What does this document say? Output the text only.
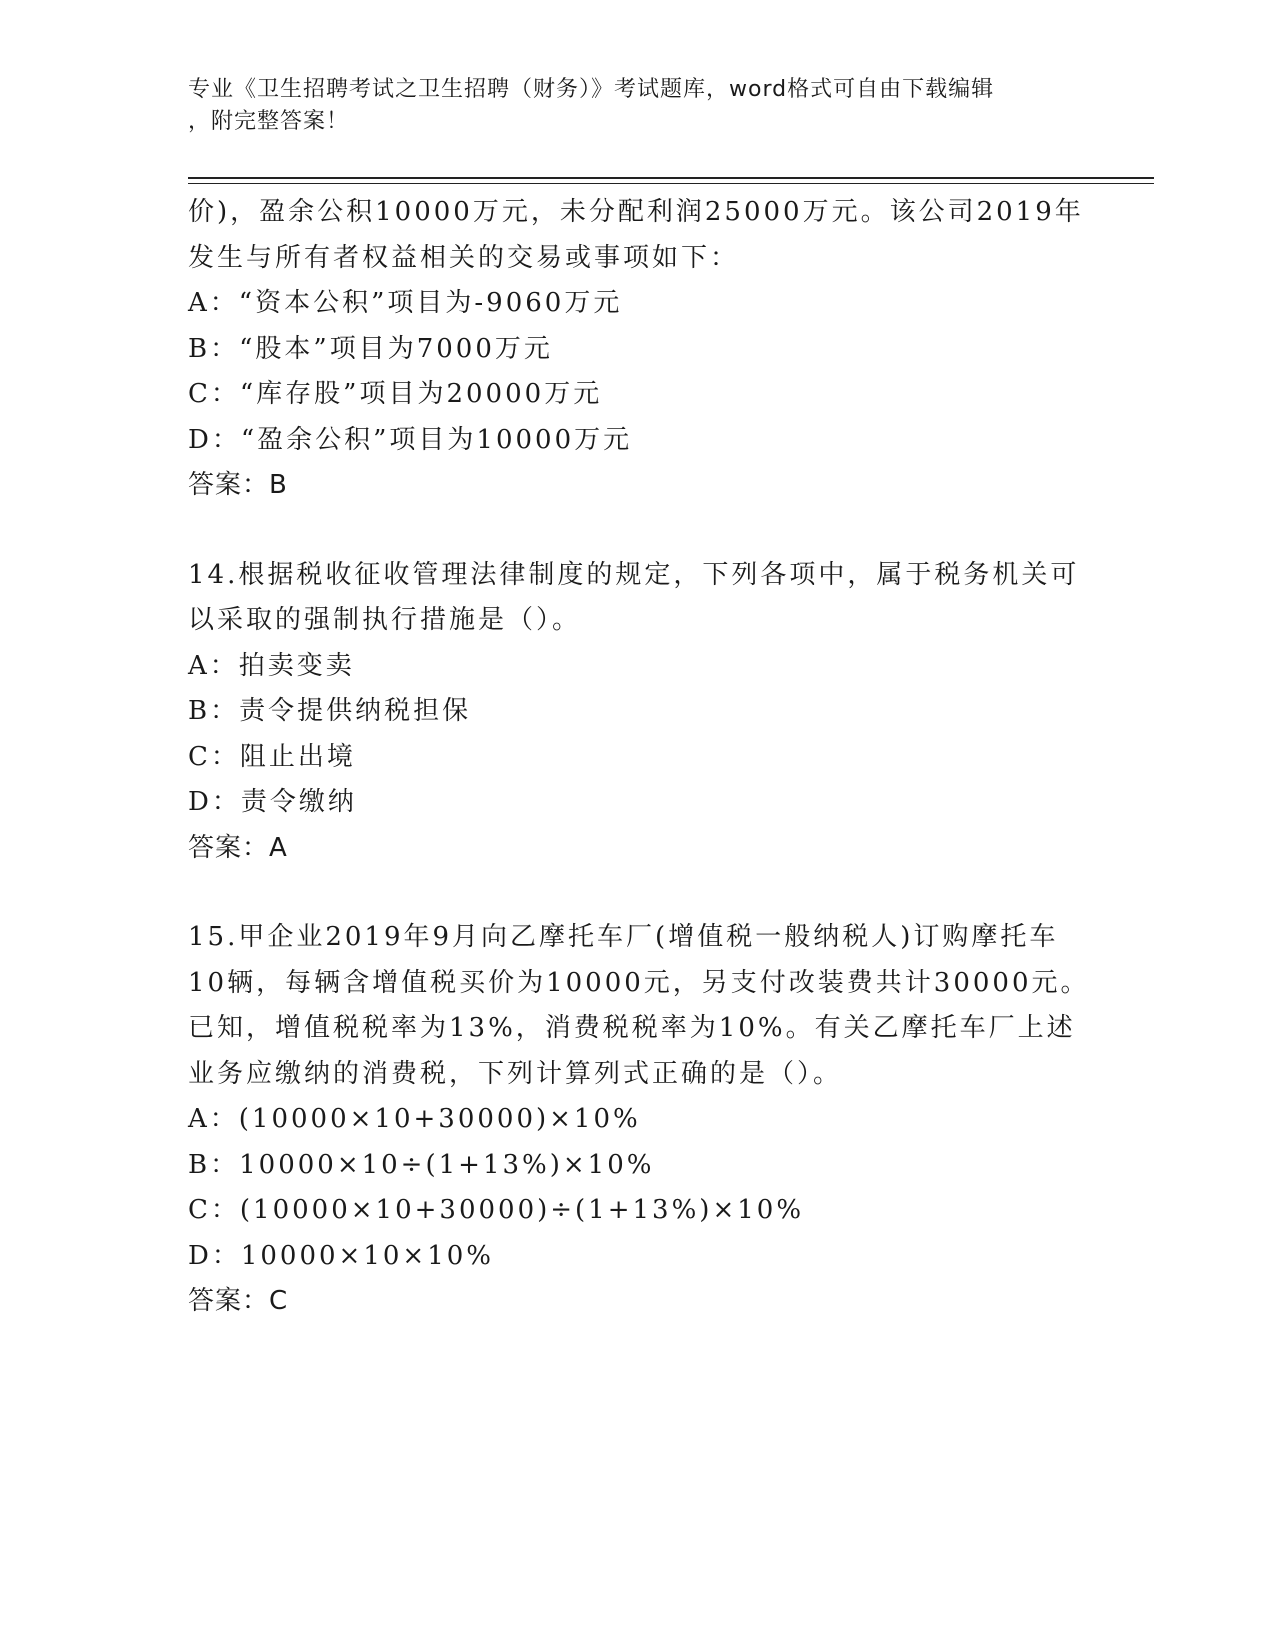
专业《卫生招聘考试之卫生招聘（财务）》考试题库，word格式可自由下载编辑
，附完整答案！
价)，盈余公积10000万元，未分配利润25000万元。该公司2019年
发生与所有者权益相关的交易或事项如下：
A：“资本公积”项目为-9060万元
B：“股本”项目为7000万元
C：“库存股”项目为20000万元
D：“盈余公积”项目为10000万元
答案：B
14.根据税收征收管理法律制度的规定，下列各项中，属于税务机关可
以采取的强制执行措施是（）。
A：拍卖变卖
B：责令提供纳税担保
C：阻止出境
D：责令缴纳
答案：A
15.甲企业2019年9月向乙摩托车厂(增值税一般纳税人)订购摩托车
10辆，每辆含增值税买价为10000元，另支付改装费共计30000元。
已知，增值税税率为13%，消费税税率为10%。有关乙摩托车厂上述
业务应缴纳的消费税，下列计算列式正确的是（）。
A：(10000×10+30000)×10%
B：10000×10÷(1+13%)×10%
C：(10000×10+30000)÷(1+13%)×10%
D：10000×10×10%
答案：C
